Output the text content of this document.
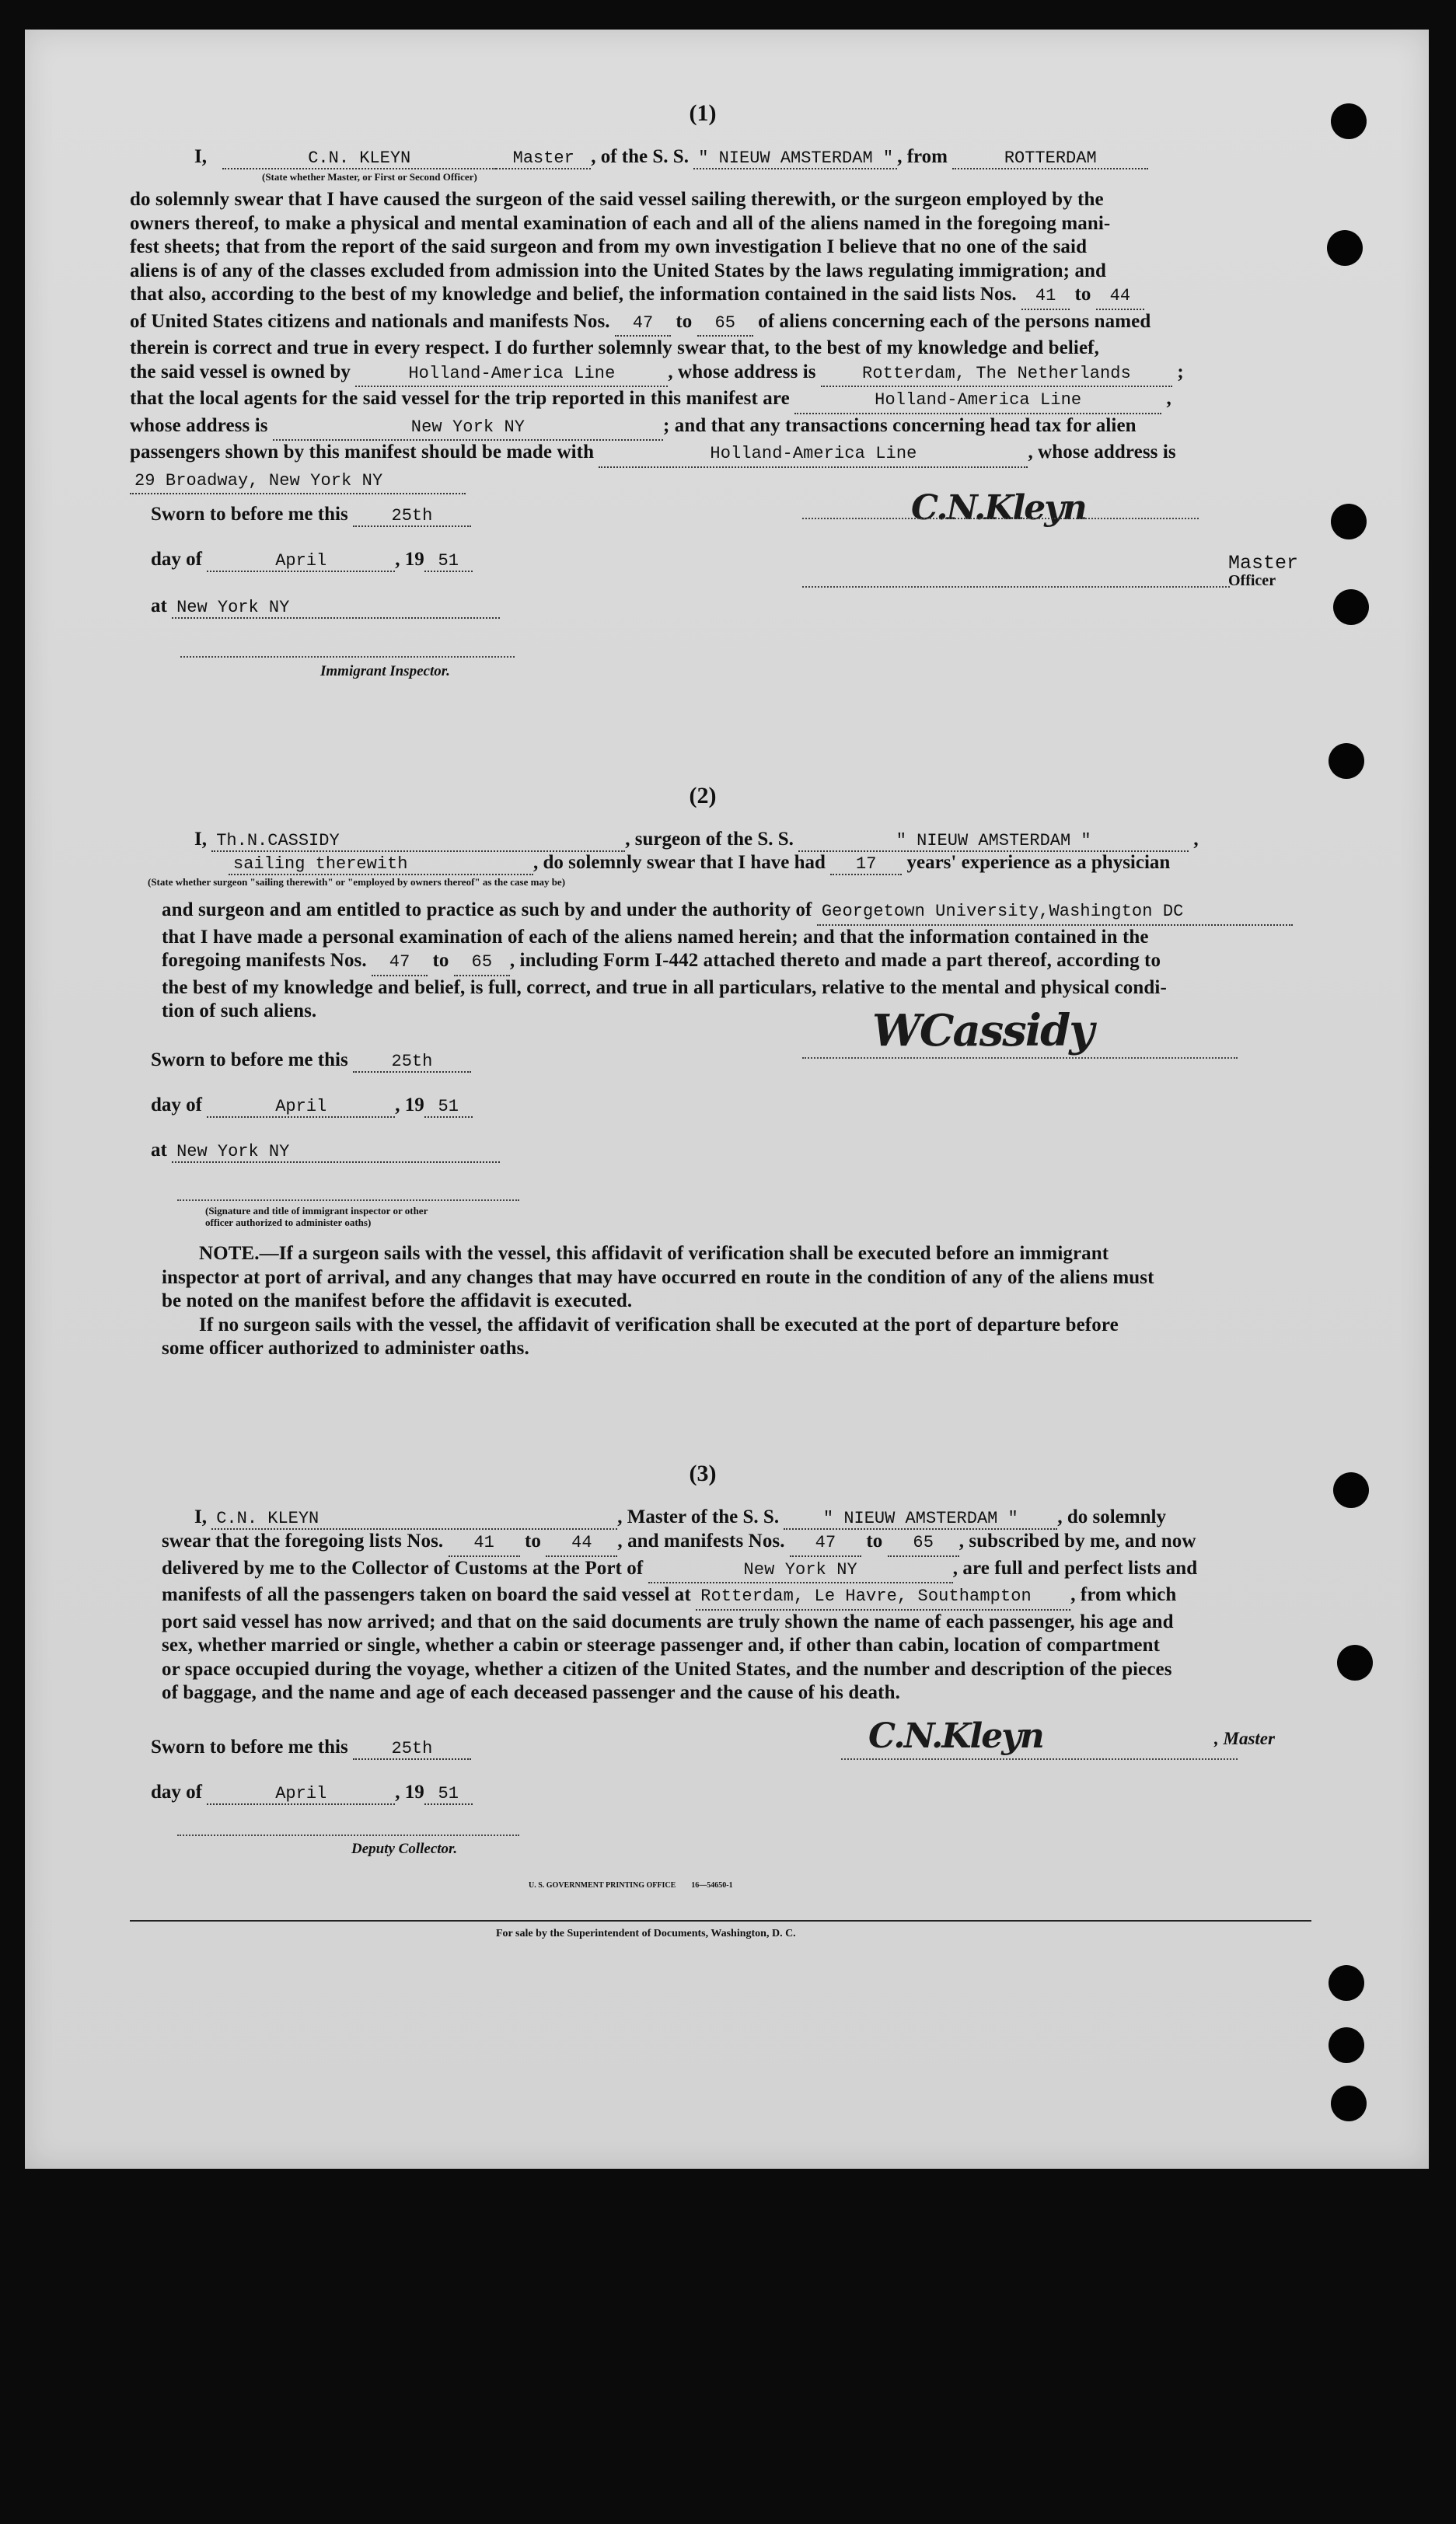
(1)
I,	C.N. KLEYN	Master , of the S. S. " NIEUW AMSTERDAM " , from	ROTTERDAM
(State whether Master, or First or Second Officer)
do solemnly swear that I have caused the surgeon of the said vessel sailing therewith, or the surgeon employed by the
owners thereof, to make a physical and mental examination of each and all of the aliens named in the foregoing mani-
fest sheets; that from the report of the said surgeon and from my own investigation I believe that no one of the said
aliens is of any of the classes excluded from admission into the United States by the laws regulating immigration; and
that also, according to the best of my knowledge and belief, the information contained in the said lists Nos. 41 to 44
of United States citizens and nationals and manifests Nos. 47 to 65 of aliens concerning each of the persons named
therein is correct and true in every respect. I do further solemnly swear that, to the best of my knowledge and belief,
the said vessel is owned by	Holland-America Line	, whose address is	Rotterdam, The Netherlands ;
that the local agents for the said vessel for the trip reported in this manifest are	Holland-America Line	,
whose address is	New York NY	; and that any transactions concerning head tax for alien
passengers shown by this manifest should be made with	Holland-America Line	, whose address is
29 Broadway, New York NY
Sworn to before me this	25th
day of	April	, 19 51
at New York NY
Immigrant Inspector.
C.N.Kleyn
Master
Officer
(2)
I, Th.N.CASSIDY	, surgeon of the S. S.	" NIEUW AMSTERDAM "	,
sailing therewith	, do solemnly swear that I have had 17 years' experience as a physician
(State whether surgeon "sailing therewith" or "employed by owners thereof" as the case may be)
and surgeon and am entitled to practice as such by and under the authority of Georgetown University,Washington DC
that I have made a personal examination of each of the aliens named herein; and that the information contained in the
foregoing manifests Nos. 47 to 65 , including Form I-442 attached thereto and made a part thereof, according to
the best of my knowledge and belief, is full, correct, and true in all particulars, relative to the mental and physical condi-
tion of such aliens.	WCassidy
Sworn to before me this	25th
day of	April	, 19 51
at New York NY
(Signature and title of immigrant inspector or other officer authorized to administer oaths)
NOTE.—If a surgeon sails with the vessel, this affidavit of verification shall be executed before an immigrant
inspector at port of arrival, and any changes that may have occurred en route in the condition of any of the aliens must
be noted on the manifest before the affidavit is executed.
If no surgeon sails with the vessel, the affidavit of verification shall be executed at the port of departure before
some officer authorized to administer oaths.
(3)
I, C.N. KLEYN	, Master of the S. S.	" NIEUW AMSTERDAM " , do solemnly
swear that the foregoing lists Nos. 41 to 44 , and manifests Nos. 47 to 65 , subscribed by me, and now
delivered by me to the Collector of Customs at the Port of	New York NY	, are full and perfect lists and
manifests of all the passengers taken on board the said vessel at Rotterdam, Le Havre, Southampton , from which
port said vessel has now arrived; and that on the said documents are truly shown the name of each passenger, his age and
sex, whether married or single, whether a cabin or steerage passenger and, if other than cabin, location of compartment
or space occupied during the voyage, whether a citizen of the United States, and the number and description of the pieces
of baggage, and the name and age of each deceased passenger and the cause of his death.
Sworn to before me this	25th
day of	April	, 19 51
C.N.Kleyn	, Master
Deputy Collector.
U. S. GOVERNMENT PRINTING OFFICE        16—54650-1
For sale by the Superintendent of Documents, Washington, D. C.
